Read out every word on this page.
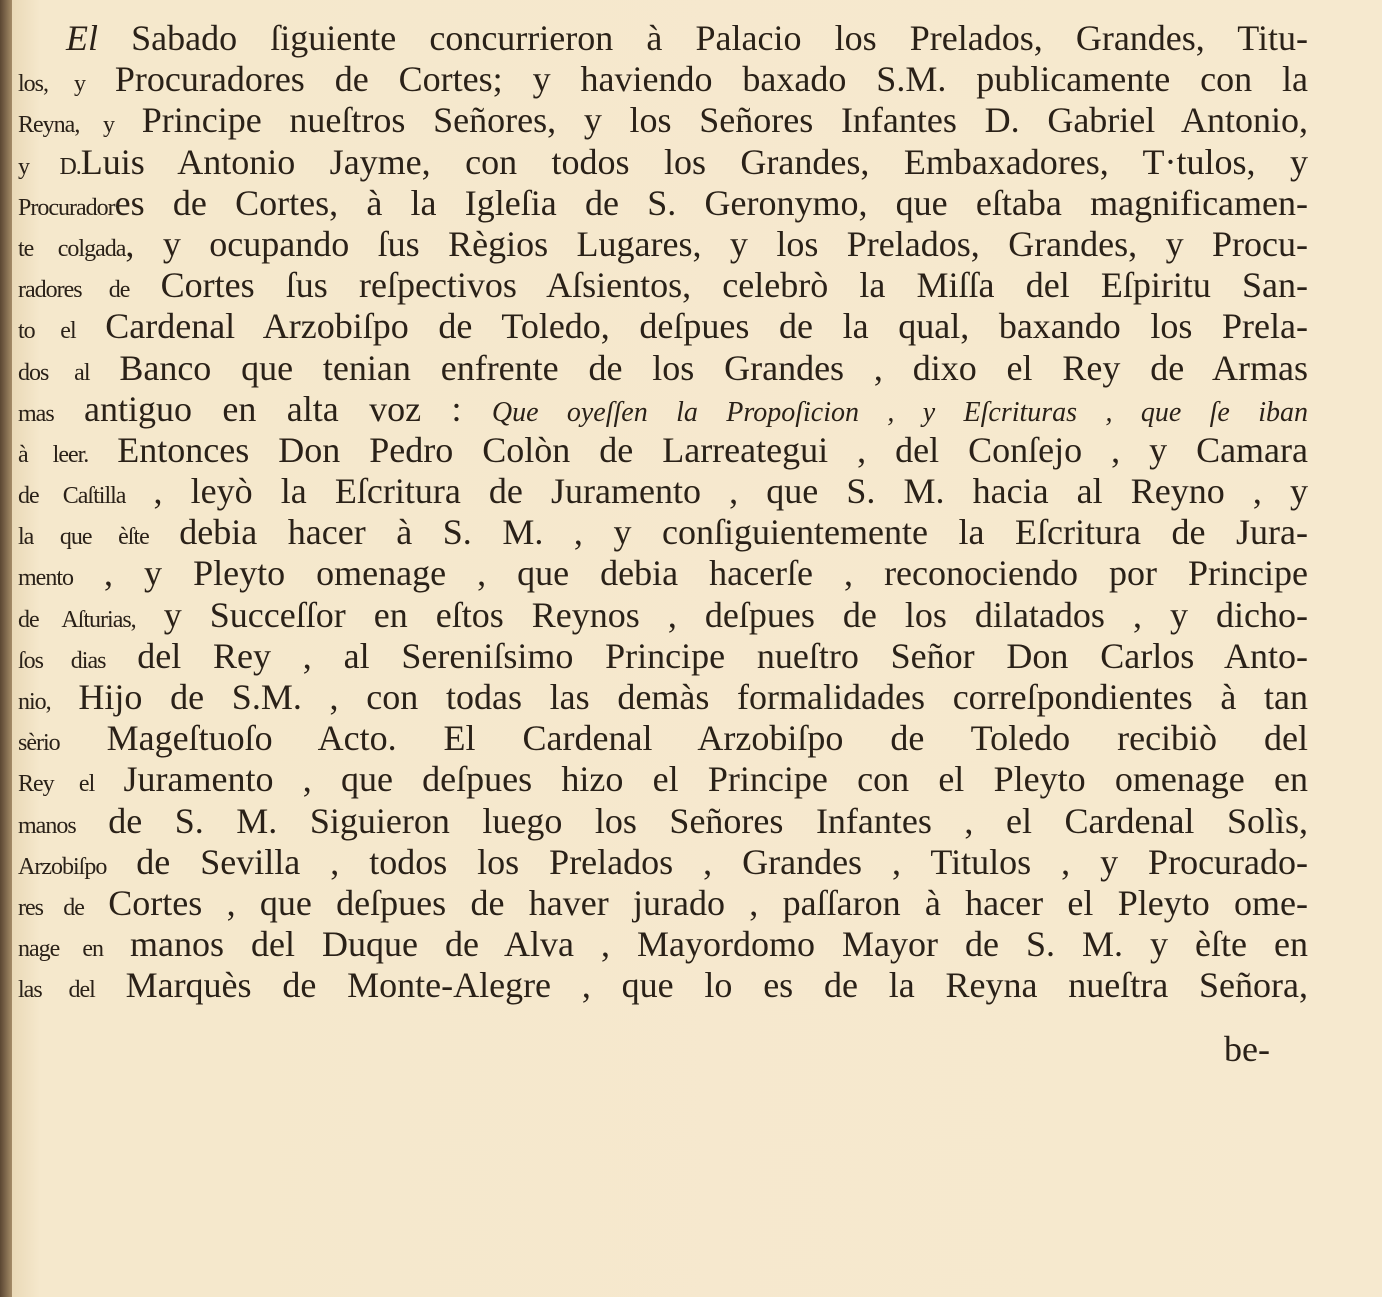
El Sabado ſiguiente concurrieron à Palacio los Prelados, Grandes, Titu-
los, y Procuradores de Cortes; y haviendo baxado S.M. publicamente con la
Reyna, y Principe nueſtros Señores, y los Señores Infantes D. Gabriel Antonio,
y D.Luis Antonio Jayme, con todos los Grandes, Embaxadores, T·tulos, y
Procuradores de Cortes, à la Igleſia de S. Geronymo, que eſtaba magnificamen-
te colgada, y ocupando ſus Règios Lugares, y los Prelados, Grandes, y Procu-
radores de Cortes ſus reſpectivos Aſsientos, celebrò la Miſſa del Eſpiritu San-
to el Cardenal Arzobiſpo de Toledo, deſpues de la qual, baxando los Prela-
dos al Banco que tenian enfrente de los Grandes , dixo el Rey de Armas
mas antiguo en alta voz : Que oyeſſen la Propoſicion , y Eſcrituras , que ſe iban
à leer. Entonces Don Pedro Colòn de Larreategui , del Conſejo , y Camara
de Caſtilla , leyò la Eſcritura de Juramento , que S. M. hacia al Reyno , y
la que èſte debia hacer à S. M. , y conſiguientemente la Eſcritura de Jura-
mento , y Pleyto omenage , que debia hacerſe , reconociendo por Principe
de Aſturias, y Succeſſor en eſtos Reynos , deſpues de los dilatados , y dicho-
ſos dias del Rey , al Sereniſsimo Principe nueſtro Señor Don Carlos Anto-
nio, Hijo de S.M. , con todas las demàs formalidades correſpondientes à tan
sèrio Mageſtuoſo Acto. El Cardenal Arzobiſpo de Toledo recibiò del
Rey el Juramento , que deſpues hizo el Principe con el Pleyto omenage en
manos de S. M. Siguieron luego los Señores Infantes , el Cardenal Solìs,
Arzobiſpo de Sevilla , todos los Prelados , Grandes , Titulos , y Procurado-
res de Cortes , que deſpues de haver jurado , paſſaron à hacer el Pleyto ome-
nage en manos del Duque de Alva , Mayordomo Mayor de S. M. y èſte en
las del Marquès de Monte-Alegre , que lo es de la Reyna nueſtra Señora,
be-
